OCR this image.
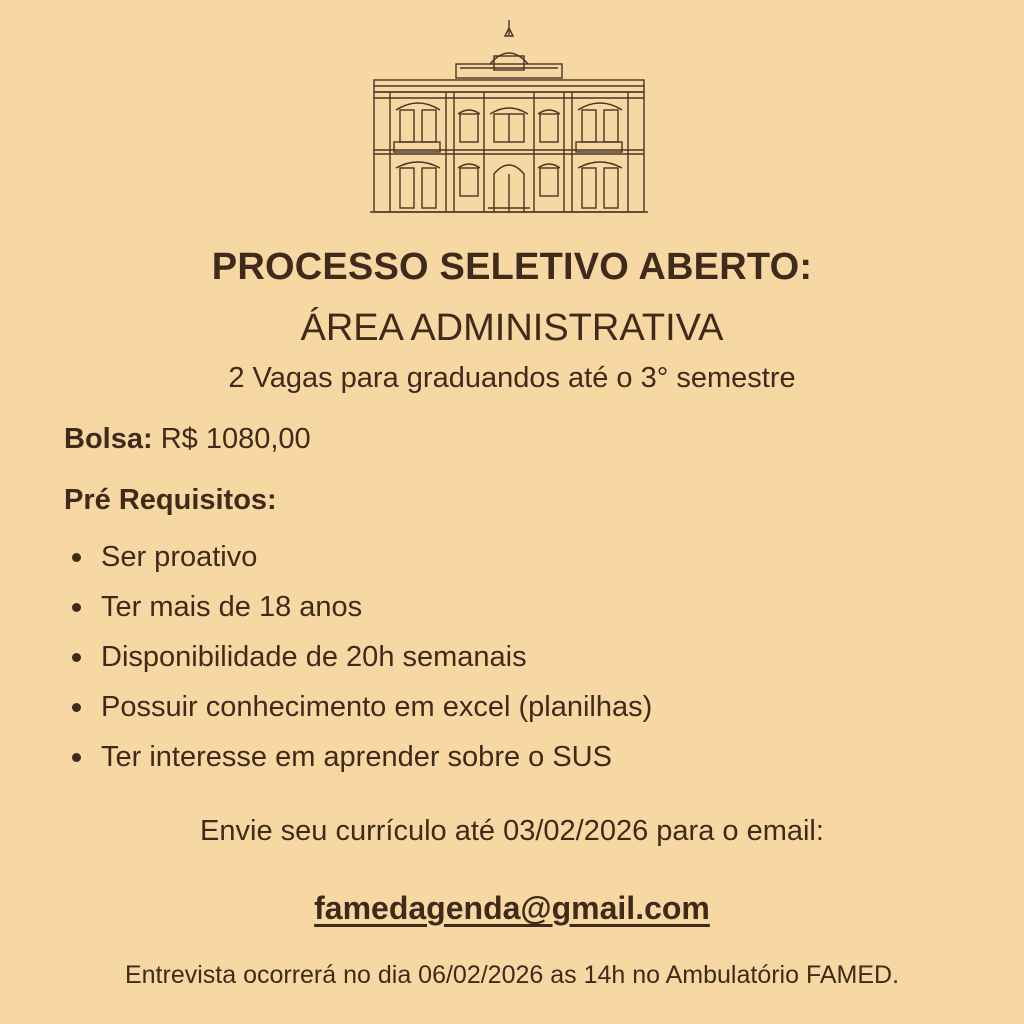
PROCESSO SELETIVO ABERTO:
ÁREA ADMINISTRATIVA
2 Vagas para graduandos até o 3° semestre
Bolsa: R$ 1080,00
Pré Requisitos:
Ser proativo
Ter mais de 18 anos
Disponibilidade de 20h semanais
Possuir conhecimento em excel (planilhas)
Ter interesse em aprender sobre o SUS
Envie seu currículo até 03/02/2026 para o email:
famedagenda@gmail.com
Entrevista ocorrerá no dia 06/02/2026 as 14h no Ambulatório FAMED.
